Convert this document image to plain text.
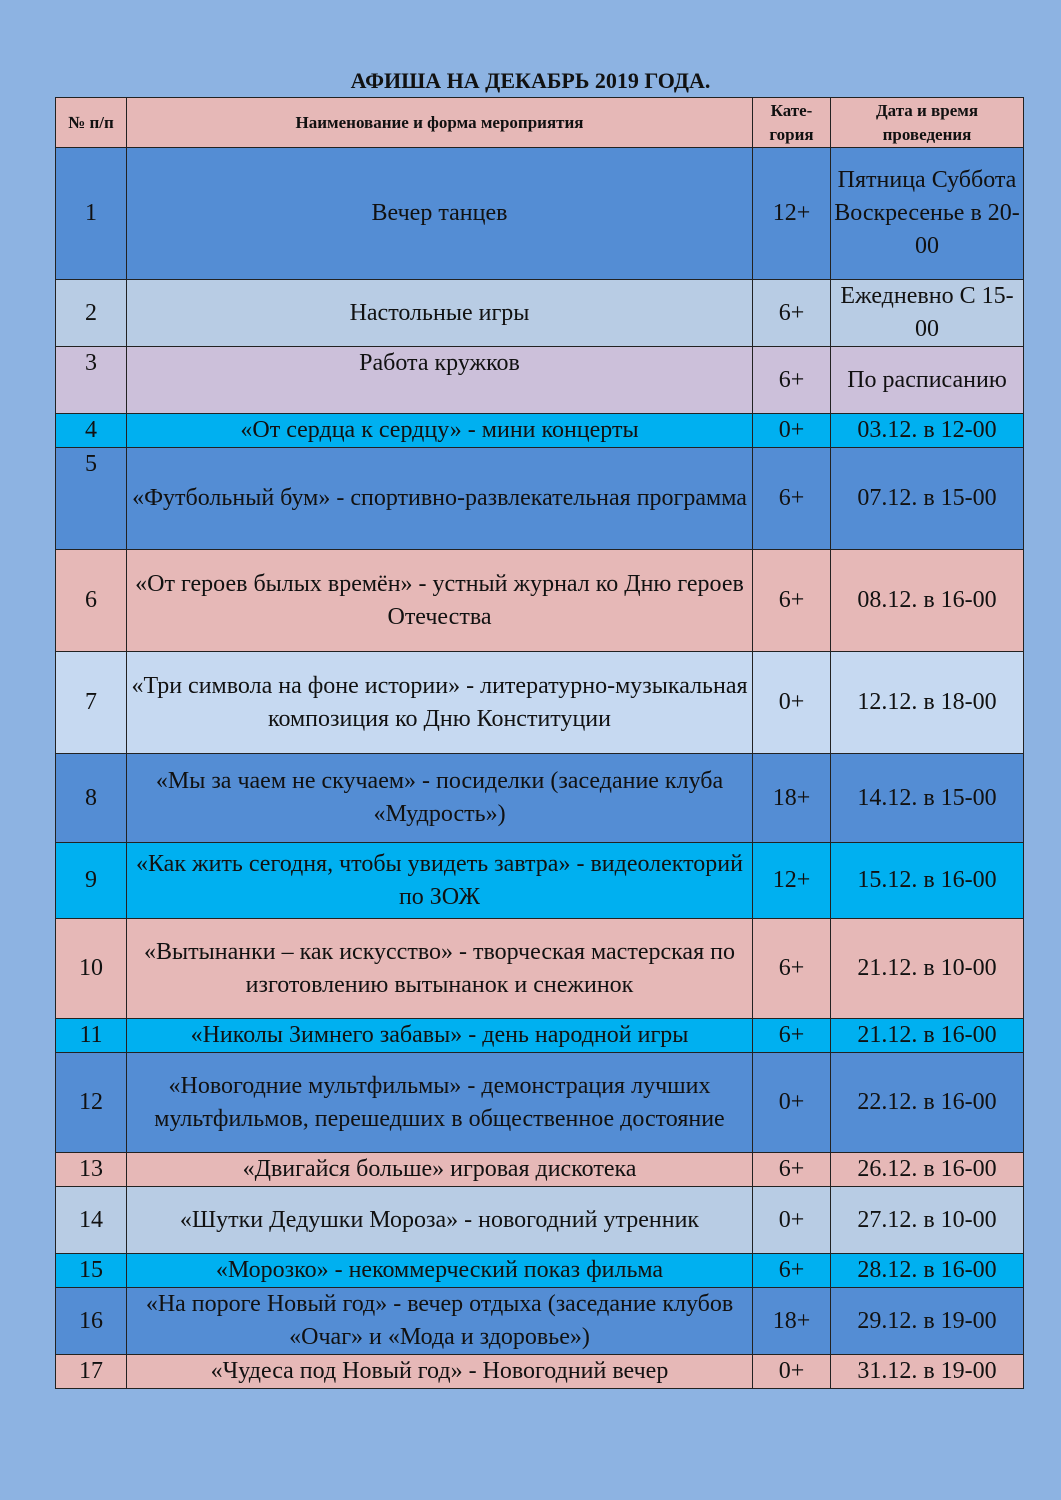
АФИША НА ДЕКАБРЬ 2019 ГОДА.
№ п/п	Наименование и форма мероприятия	Кате-гория	Дата и время проведения
1	Вечер танцев	12+	Пятница Суббота Воскресенье в 20-00
2	Настольные игры	6+	Ежедневно С 15-00
3	Работа кружков	6+	По расписанию
4	«От сердца к сердцу» - мини концерты	0+	03.12. в 12-00
5	«Футбольный бум» - спортивно-развлекательная программа	6+	07.12. в 15-00
6	«От героев былых времён» - устный журнал ко Дню героев Отечества	6+	08.12. в 16-00
7	«Три символа на фоне истории» - литературно-музыкальная композиция ко Дню Конституции	0+	12.12. в 18-00
8	«Мы за чаем не скучаем» - посиделки (заседание клуба «Мудрость»)	18+	14.12. в 15-00
9	«Как жить сегодня, чтобы увидеть завтра» - видеолекторий по ЗОЖ	12+	15.12. в 16-00
10	«Вытынанки – как искусство» - творческая мастерская по изготовлению вытынанок и снежинок	6+	21.12. в 10-00
11	«Николы Зимнего забавы» - день народной игры	6+	21.12. в 16-00
12	«Новогодние мультфильмы» - демонстрация лучших мультфильмов, перешедших в общественное достояние	0+	22.12. в 16-00
13	«Двигайся больше» игровая дискотека	6+	26.12. в 16-00
14	«Шутки Дедушки Мороза» - новогодний утренник	0+	27.12. в 10-00
15	«Морозко» - некоммерческий показ фильма	6+	28.12. в 16-00
16	«На пороге Новый год» - вечер отдыха (заседание клубов «Очаг» и «Мода и здоровье»)	18+	29.12. в 19-00
17	«Чудеса под Новый год» - Новогодний вечер	0+	31.12. в 19-00
